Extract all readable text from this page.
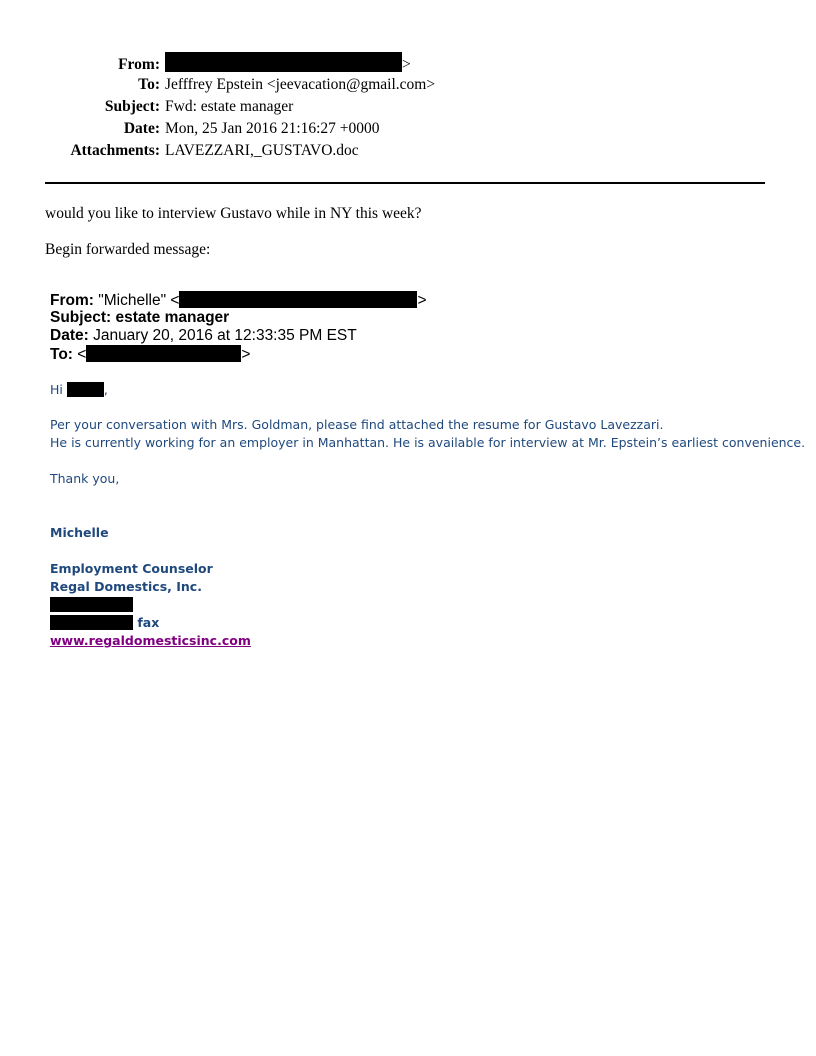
From:	>
To: Jefffrey Epstein <jeevacation@gmail.com>
Subject: Fwd: estate manager
Date: Mon, 25 Jan 2016 21:16:27 +0000
Attachments: LAVEZZARI,_GUSTAVO.doc
would you like to interview Gustavo while in NY this week?
Begin forwarded message:
From: "Michelle" <	>
Subject: estate manager
Date: January 20, 2016 at 12:33:35 PM EST
To: <	>
Hi	,
Per your conversation with Mrs. Goldman, please find attached the resume for Gustavo Lavezzari.
He is currently working for an employer in Manhattan. He is available for interview at Mr. Epstein’s earliest convenience.
Thank you,
Michelle
Employment Counselor
Regal Domestics, Inc.
fax
www.regaldomesticsinc.com
